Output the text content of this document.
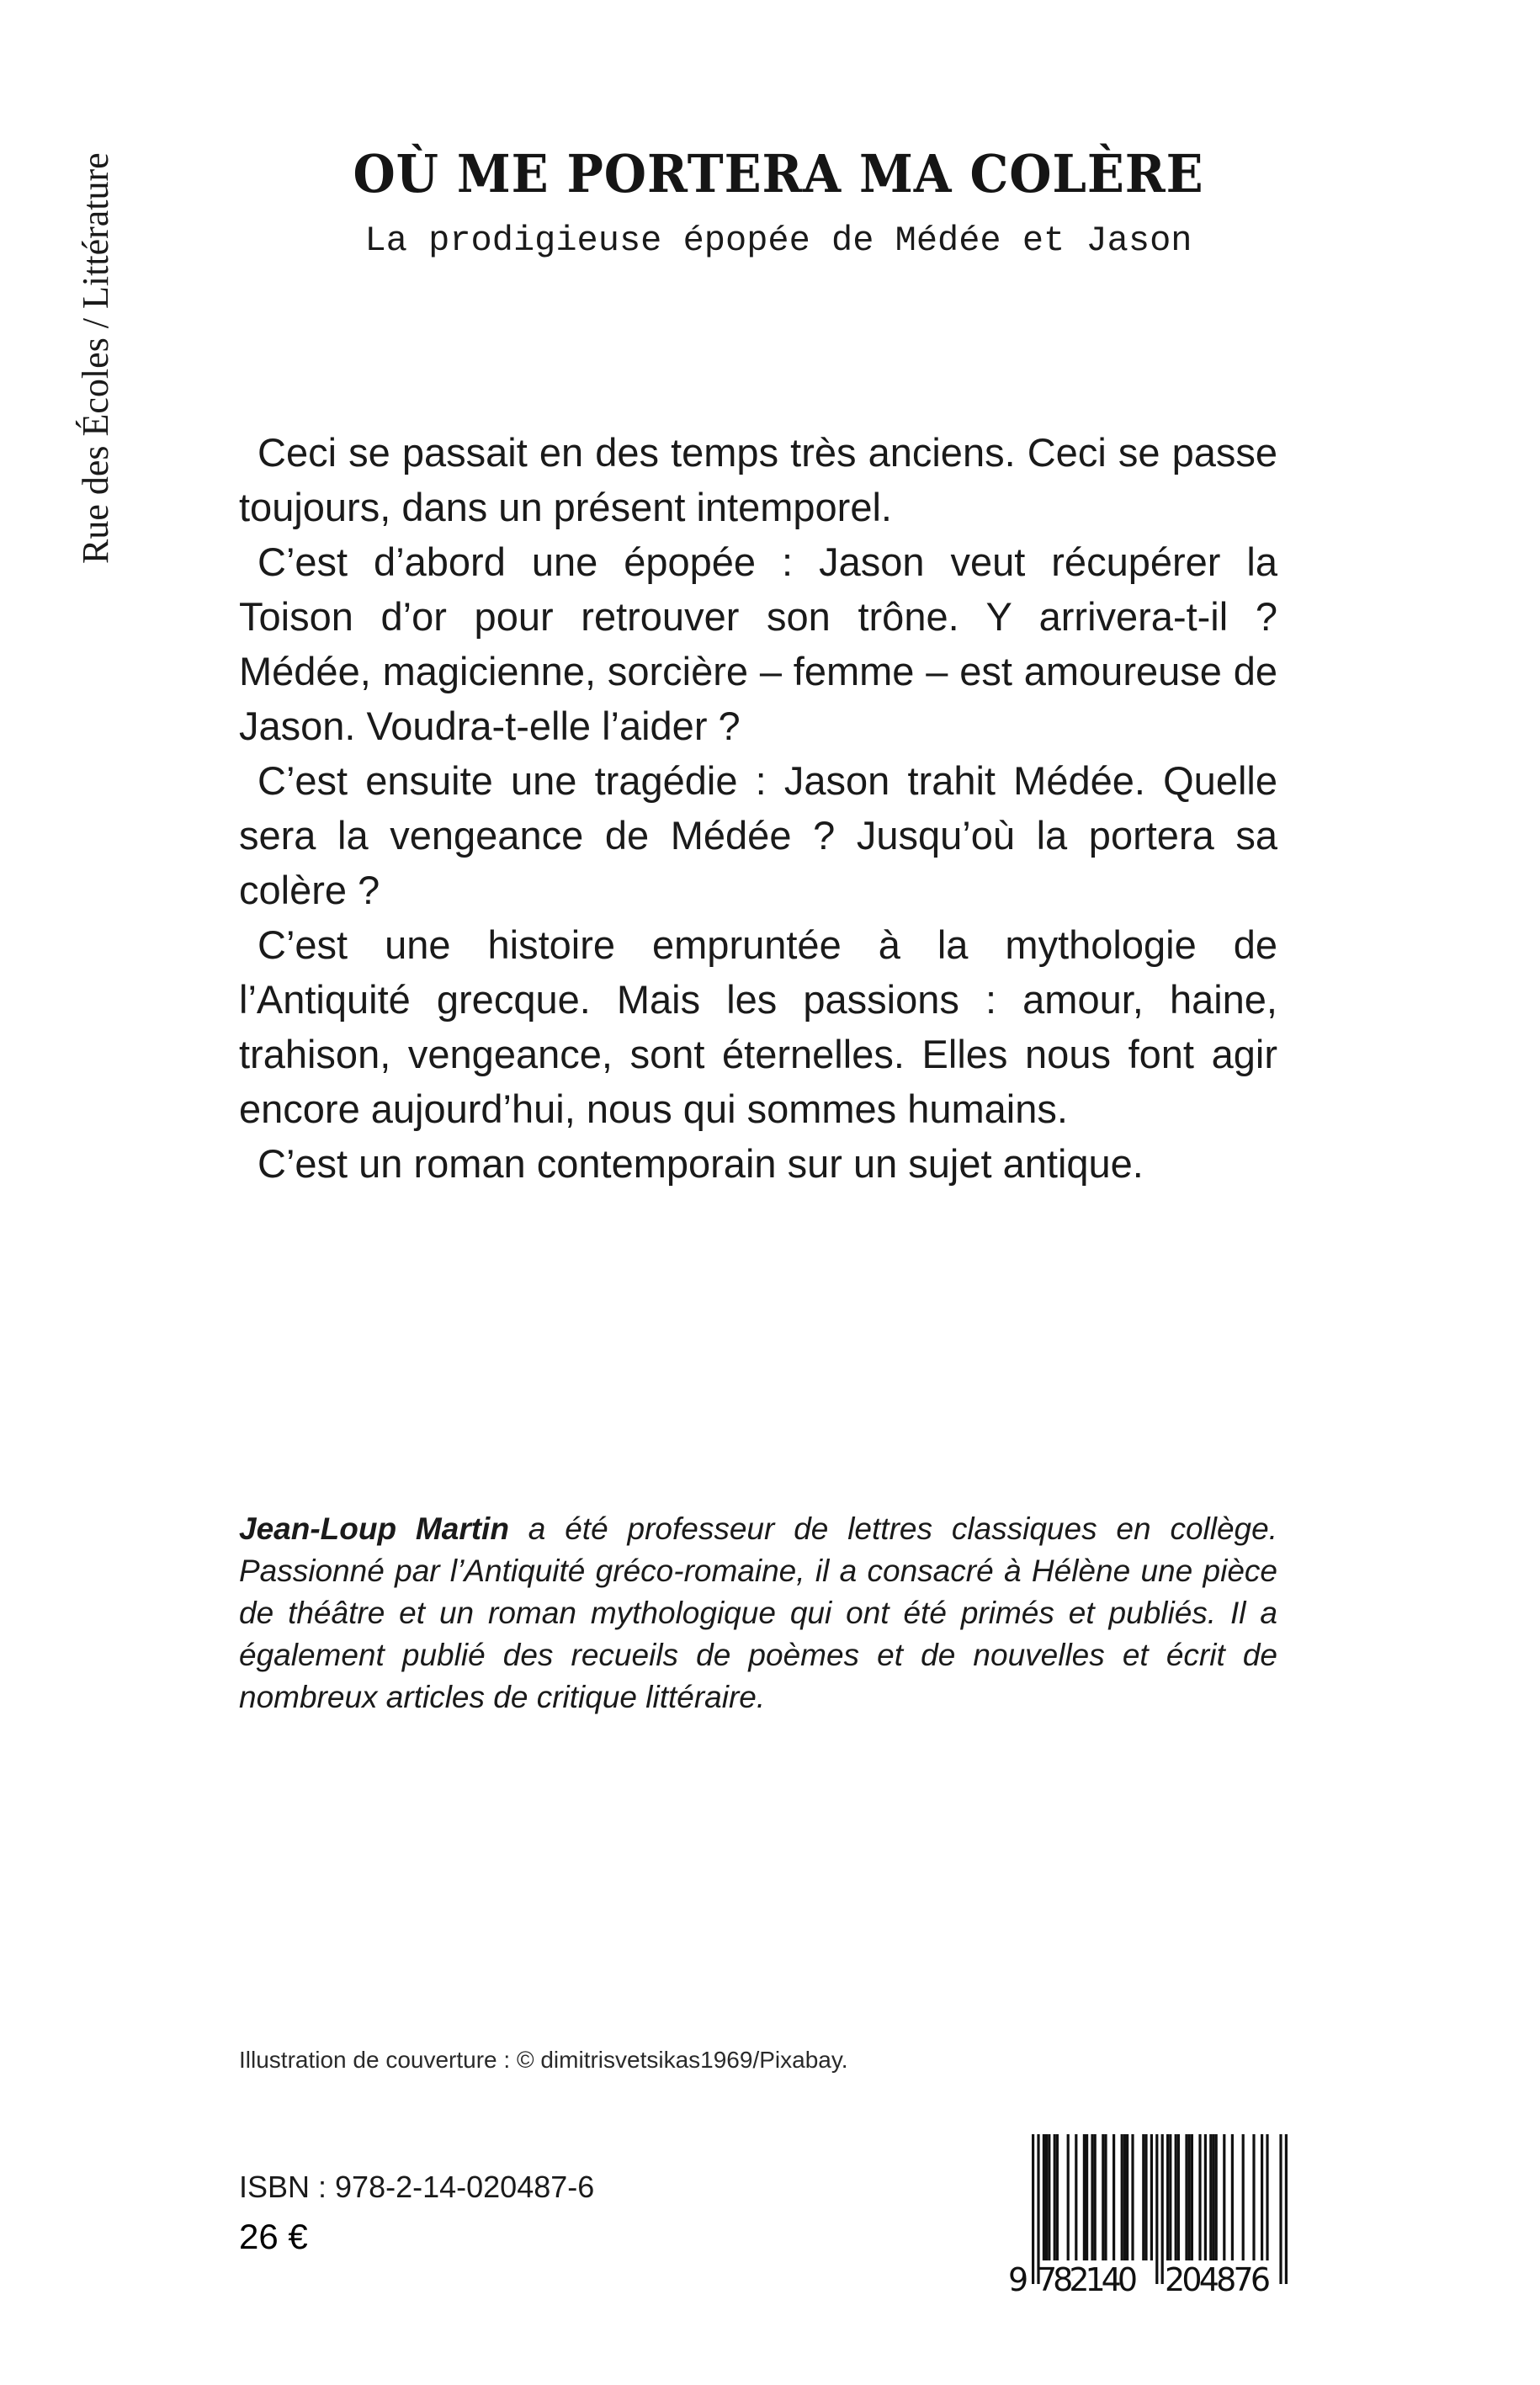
Rue des Écoles / Littérature	OÙ ME PORTERA MA COLÈRE
La prodigieuse épopée de Médée et Jason

Ceci se passait en des temps très anciens. Ceci se passe toujours, dans un présent intemporel.

C’est d’abord une épopée : Jason veut récupérer la Toison d’or pour retrouver son trône. Y arrivera-t-il ? Médée, magicienne, sorcière – femme – est amoureuse de Jason. Voudra-t-elle l’aider ?

C’est ensuite une tragédie : Jason trahit Médée. Quelle sera la vengeance de Médée ? Jusqu’où la portera sa colère ?

C’est une histoire empruntée à la mythologie de l’Antiquité grecque. Mais les passions : amour, haine, trahison, vengeance, sont éternelles. Elles nous font agir encore aujourd’hui, nous qui sommes humains.

C’est un roman contemporain sur un sujet antique.

Jean-Loup Martin a été professeur de lettres classiques en collège. Passionné par l’Antiquité gréco-romaine, il a consacré à Hélène une pièce de théâtre et un roman mythologique qui ont été primés et publiés. Il a également publié des recueils de poèmes et de nouvelles et écrit de nombreux articles de critique littéraire.
Illustration de couverture : © dimitrisvetsikas1969/Pixabay.
ISBN : 978-2-14-020487-6
26 €
9 782140 204876
